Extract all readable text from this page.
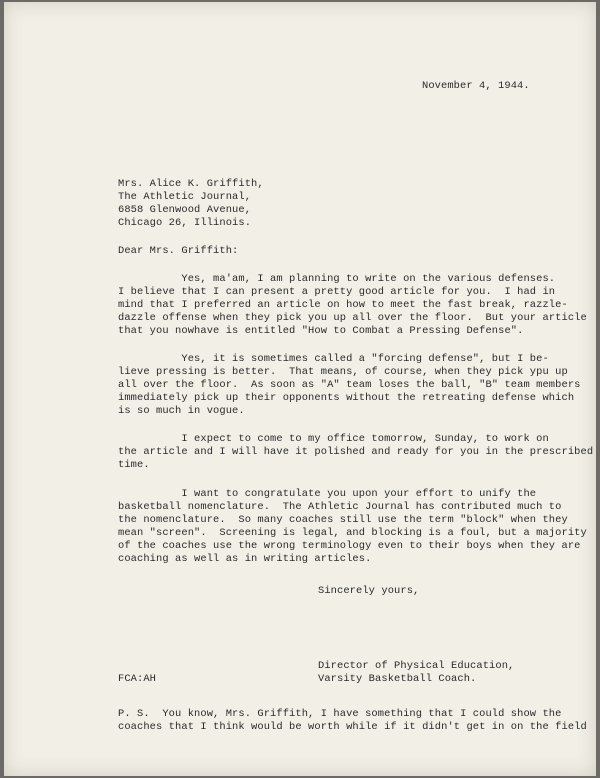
November 4, 1944.
Mrs. Alice K. Griffith,
The Athletic Journal,
6858 Glenwood Avenue,
Chicago 26, Illinois.
Dear Mrs. Griffith:
Yes, ma'am, I am planning to write on the various defenses.
I believe that I can present a pretty good article for you.  I had in
mind that I preferred an article on how to meet the fast break, razzle-
dazzle offense when they pick you up all over the floor.  But your article
that you nowhave is entitled "How to Combat a Pressing Defense".
Yes, it is sometimes called a "forcing defense", but I be-
lieve pressing is better.  That means, of course, when they pick ypu up
all over the floor.  As soon as "A" team loses the ball, "B" team members
immediately pick up their opponents without the retreating defense which
is so much in vogue.
I expect to come to my office tomorrow, Sunday, to work on
the article and I will have it polished and ready for you in the prescribed
time.
I want to congratulate you upon your effort to unify the
basketball nomenclature.  The Athletic Journal has contributed much to
the nomenclature.  So many coaches still use the term "block" when they
mean "screen".  Screening is legal, and blocking is a foul, but a majority
of the coaches use the wrong terminology even to their boys when they are
coaching as well as in writing articles.
Sincerely yours,
Director of Physical Education,
Varsity Basketball Coach.
FCA:AH
P. S.  You know, Mrs. Griffith, I have something that I could show the
coaches that I think would be worth while if it didn't get in on the field
